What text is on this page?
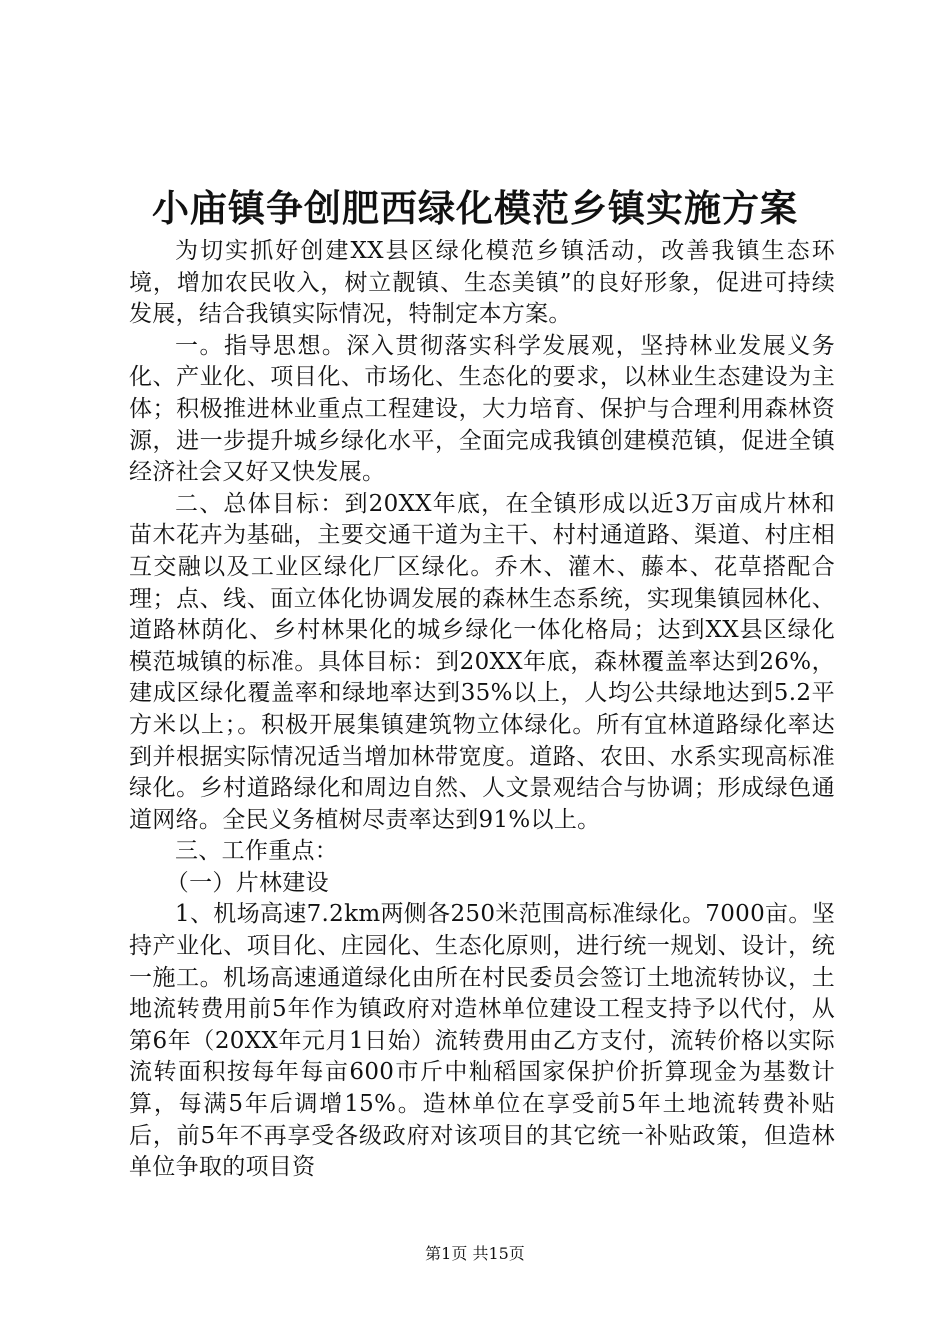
小庙镇争创肥西绿化模范乡镇实施方案

为切实抓好创建XX县区绿化模范乡镇活动，改善我镇生态环境，增加农民收入，树立靓镇、生态美镇”的良好形象，促进可持续发展，结合我镇实际情况，特制定本方案。

一。指导思想。深入贯彻落实科学发展观，坚持林业发展义务化、产业化、项目化、市场化、生态化的要求，以林业生态建设为主体；积极推进林业重点工程建设，大力培育、保护与合理利用森林资源，进一步提升城乡绿化水平，全面完成我镇创建模范镇，促进全镇经济社会又好又快发展。

二、总体目标：到20XX年底，在全镇形成以近3万亩成片林和苗木花卉为基础，主要交通干道为主干、村村通道路、渠道、村庄相互交融以及工业区绿化厂区绿化。乔木、灌木、藤本、花草搭配合理；点、线、面立体化协调发展的森林生态系统，实现集镇园林化、道路林荫化、乡村林果化的城乡绿化一体化格局；达到XX县区绿化模范城镇的标准。具体目标：到20XX年底，森林覆盖率达到26%，建成区绿化覆盖率和绿地率达到35%以上，人均公共绿地达到5.2平方米以上；。积极开展集镇建筑物立体绿化。所有宜林道路绿化率达到并根据实际情况适当增加林带宽度。道路、农田、水系实现高标准绿化。乡村道路绿化和周边自然、人文景观结合与协调；形成绿色通道网络。全民义务植树尽责率达到91%以上。

三、工作重点：

（一）片林建设

1、机场高速7.2km两侧各250米范围高标准绿化。7000亩。坚持产业化、项目化、庄园化、生态化原则，进行统一规划、设计，统一施工。机场高速通道绿化由所在村民委员会签订土地流转协议，土地流转费用前5年作为镇政府对造林单位建设工程支持予以代付，从第6年（20XX年元月1日始）流转费用由乙方支付，流转价格以实际流转面积按每年每亩600市斤中籼稻国家保护价折算现金为基数计算，每满5年后调增15%。造林单位在享受前5年土地流转费补贴后，前5年不再享受各级政府对该项目的其它统一补贴政策，但造林单位争取的项目资

第1页 共15页
